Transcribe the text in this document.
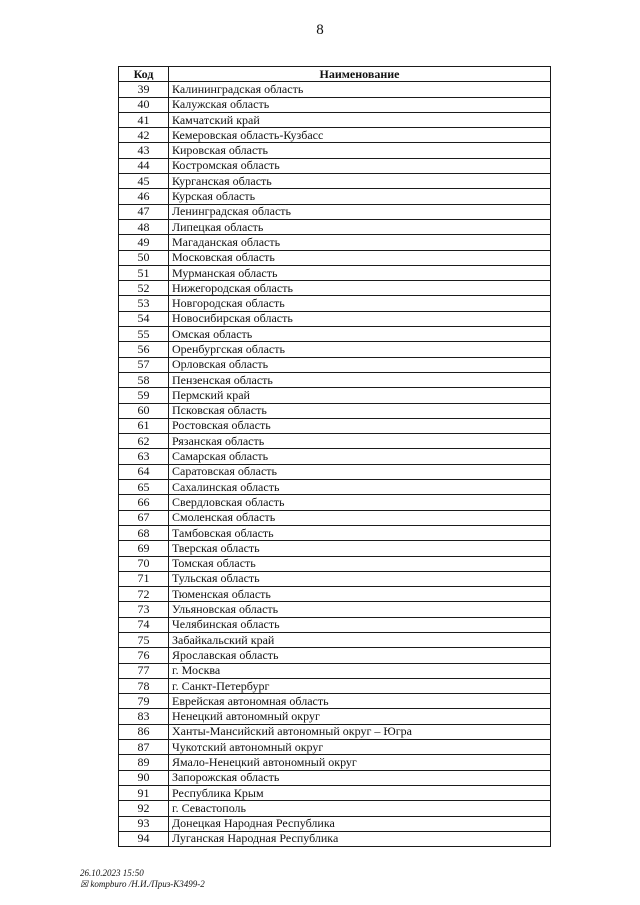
8
Код	Наименование
39	Калининградская область
40	Калужская область
41	Камчатский край
42	Кемеровская область-Кузбасс
43	Кировская область
44	Костромская область
45	Курганская область
46	Курская область
47	Ленинградская область
48	Липецкая область
49	Магаданская область
50	Московская область
51	Мурманская область
52	Нижегородская область
53	Новгородская область
54	Новосибирская область
55	Омская область
56	Оренбургская область
57	Орловская область
58	Пензенская область
59	Пермский край
60	Псковская область
61	Ростовская область
62	Рязанская область
63	Самарская область
64	Саратовская область
65	Сахалинская область
66	Свердловская область
67	Смоленская область
68	Тамбовская область
69	Тверская область
70	Томская область
71	Тульская область
72	Тюменская область
73	Ульяновская область
74	Челябинская область
75	Забайкальский край
76	Ярославская область
77	г. Москва
78	г. Санкт-Петербург
79	Еврейская автономная область
83	Ненецкий автономный округ
86	Ханты-Мансийский автономный округ – Югра
87	Чукотский автономный округ
89	Ямало-Ненецкий автономный округ
90	Запорожская область
91	Республика Крым
92	г. Севастополь
93	Донецкая Народная Республика
94	Луганская Народная Республика
26.10.2023 15:50
☒ kompburo /Н.И./Приз-К3499-2
